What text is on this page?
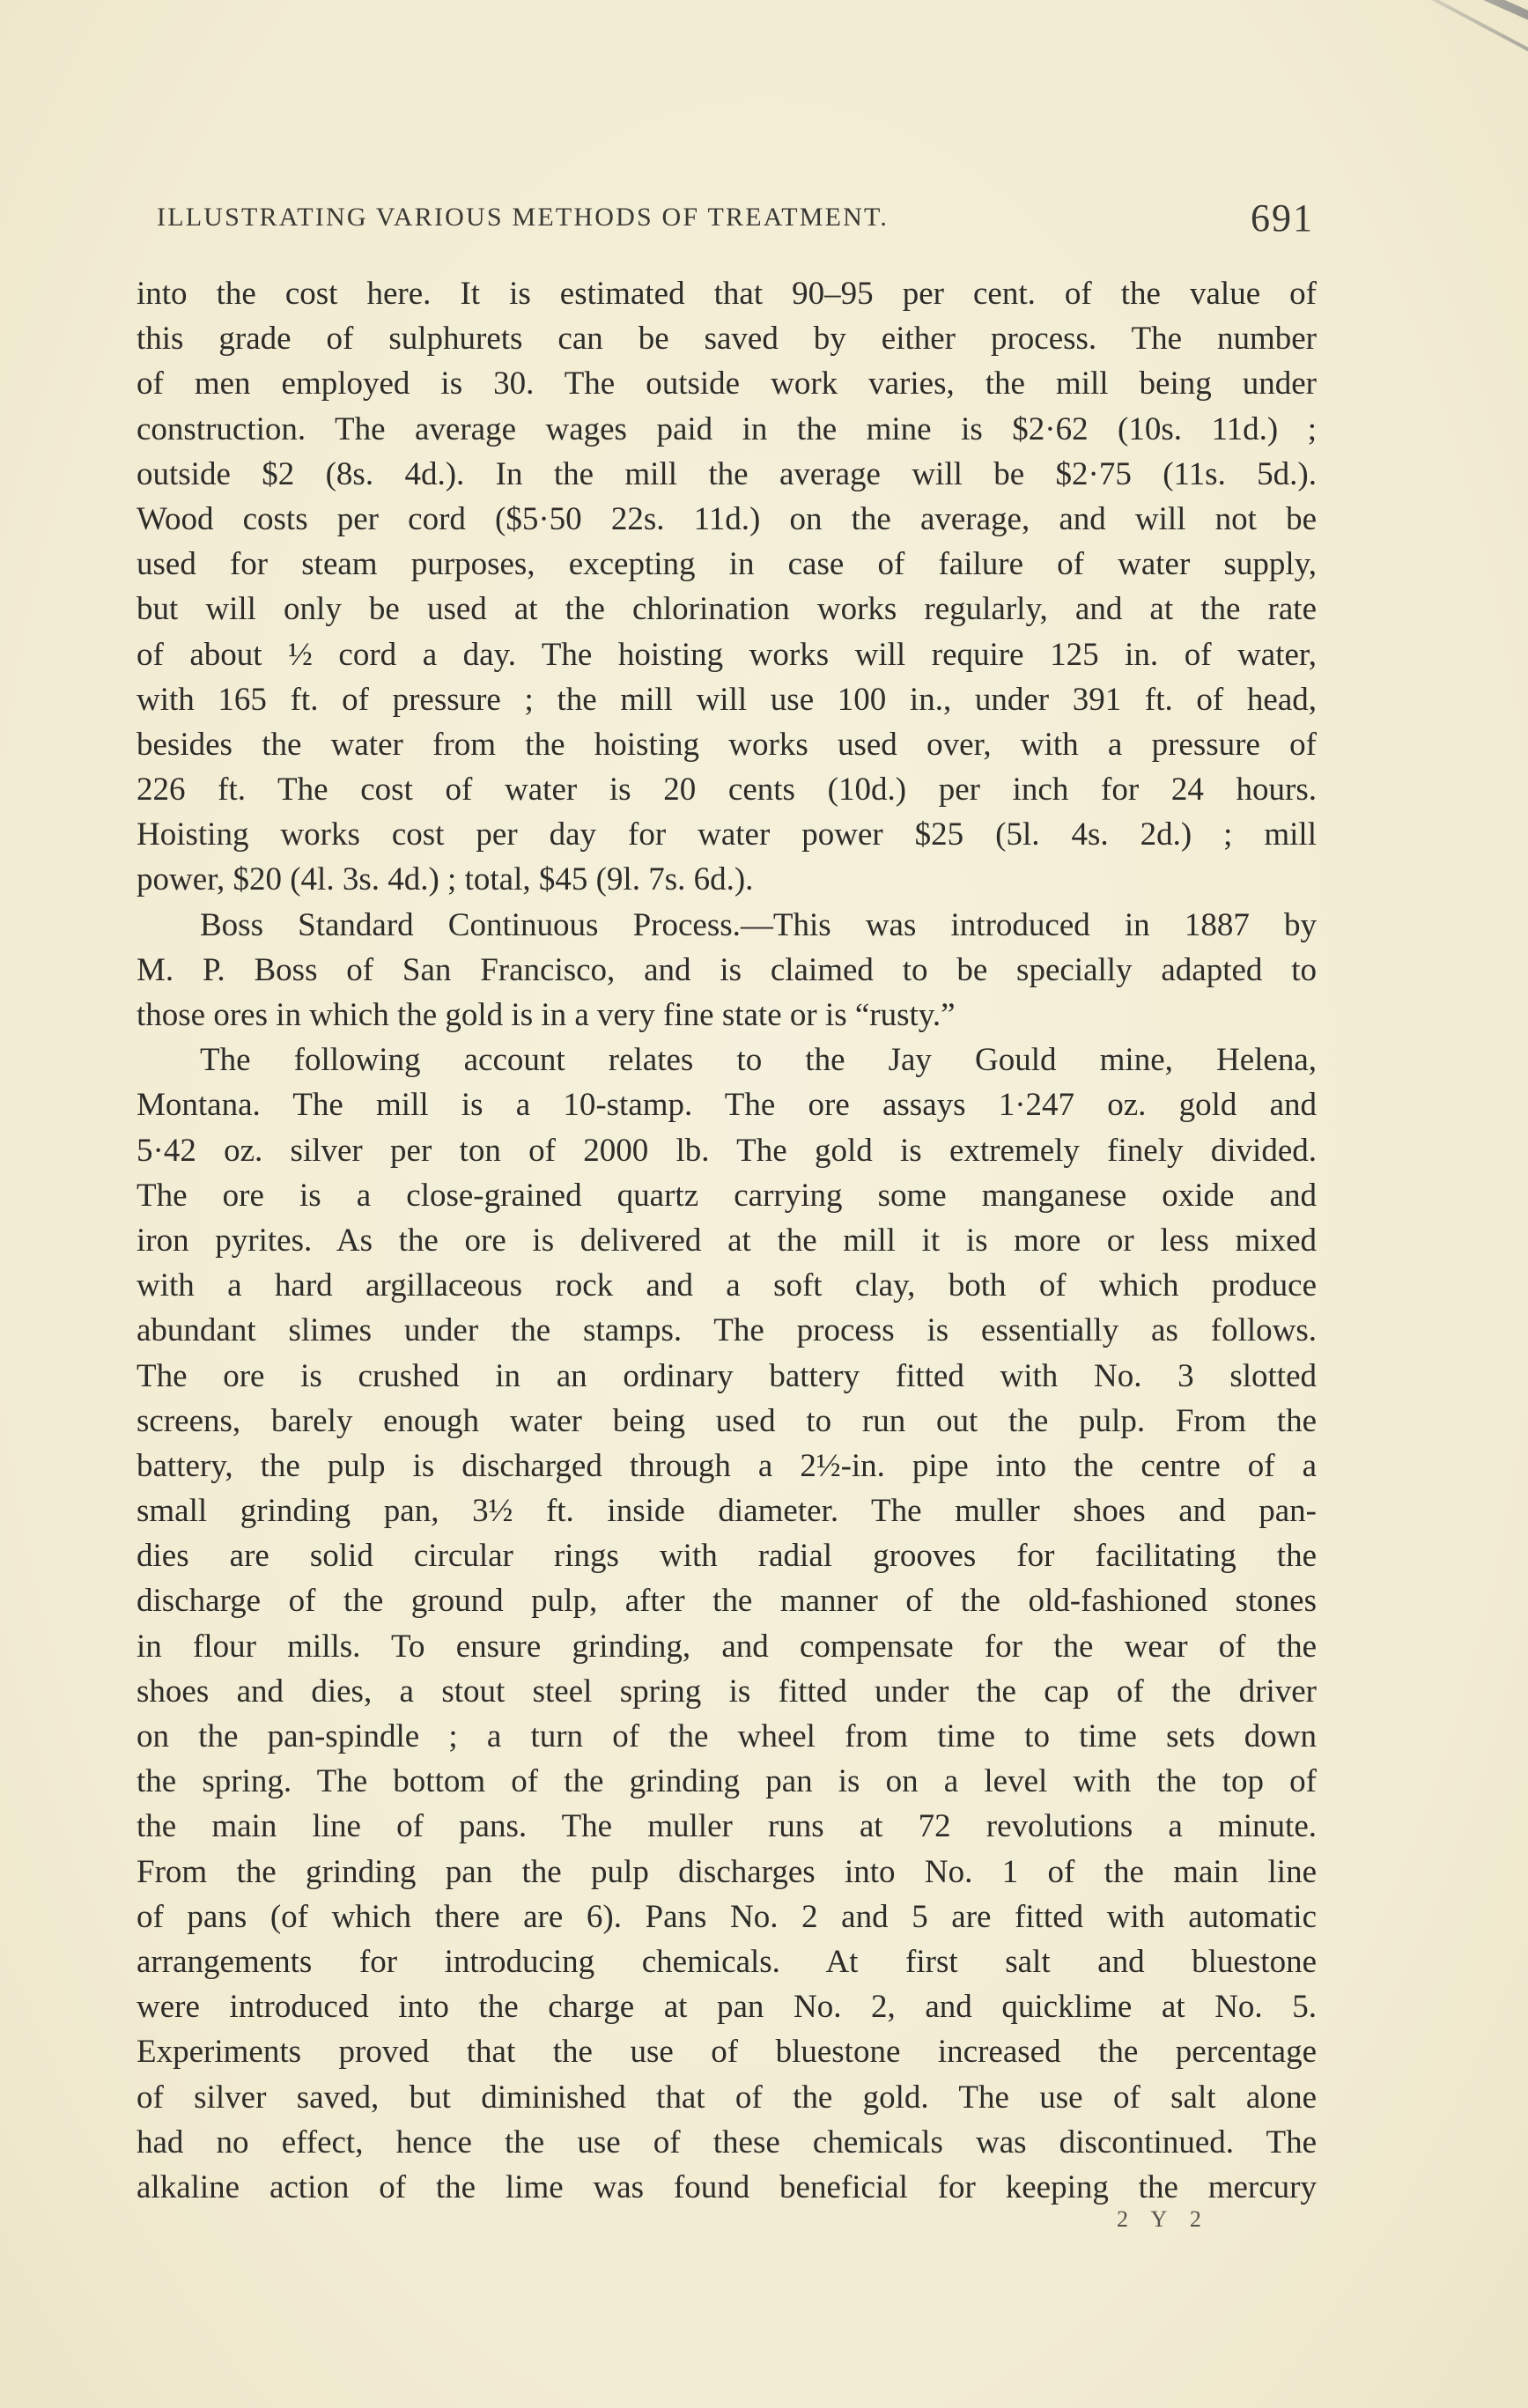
ILLUSTRATING VARIOUS METHODS OF TREATMENT.	691
into the cost here. It is estimated that 90–95 per cent. of the value of
this grade of sulphurets can be saved by either process. The number
of men employed is 30. The outside work varies, the mill being under
construction. The average wages paid in the mine is $2·62 (10s. 11d.) ;
outside $2 (8s. 4d.). In the mill the average will be $2·75 (11s. 5d.).
Wood costs per cord ($5·50 22s. 11d.) on the average, and will not be
used for steam purposes, excepting in case of failure of water supply,
but will only be used at the chlorination works regularly, and at the rate
of about ½ cord a day. The hoisting works will require 125 in. of water,
with 165 ft. of pressure ; the mill will use 100 in., under 391 ft. of head,
besides the water from the hoisting works used over, with a pressure of
226 ft. The cost of water is 20 cents (10d.) per inch for 24 hours.
Hoisting works cost per day for water power $25 (5l. 4s. 2d.) ; mill
power, $20 (4l. 3s. 4d.) ; total, $45 (9l. 7s. 6d.).
Boss Standard Continuous Process.—This was introduced in 1887 by
M. P. Boss of San Francisco, and is claimed to be specially adapted to
those ores in which the gold is in a very fine state or is “rusty.”
The following account relates to the Jay Gould mine, Helena,
Montana. The mill is a 10-stamp. The ore assays 1·247 oz. gold and
5·42 oz. silver per ton of 2000 lb. The gold is extremely finely divided.
The ore is a close-grained quartz carrying some manganese oxide and
iron pyrites. As the ore is delivered at the mill it is more or less mixed
with a hard argillaceous rock and a soft clay, both of which produce
abundant slimes under the stamps. The process is essentially as follows.
The ore is crushed in an ordinary battery fitted with No. 3 slotted
screens, barely enough water being used to run out the pulp. From the
battery, the pulp is discharged through a 2½-in. pipe into the centre of a
small grinding pan, 3½ ft. inside diameter. The muller shoes and pan-
dies are solid circular rings with radial grooves for facilitating the
discharge of the ground pulp, after the manner of the old-fashioned stones
in flour mills. To ensure grinding, and compensate for the wear of the
shoes and dies, a stout steel spring is fitted under the cap of the driver
on the pan-spindle ; a turn of the wheel from time to time sets down
the spring. The bottom of the grinding pan is on a level with the top of
the main line of pans. The muller runs at 72 revolutions a minute.
From the grinding pan the pulp discharges into No. 1 of the main line
of pans (of which there are 6). Pans No. 2 and 5 are fitted with automatic
arrangements for introducing chemicals. At first salt and bluestone
were introduced into the charge at pan No. 2, and quicklime at No. 5.
Experiments proved that the use of bluestone increased the percentage
of silver saved, but diminished that of the gold. The use of salt alone
had no effect, hence the use of these chemicals was discontinued. The
alkaline action of the lime was found beneficial for keeping the mercury
2 Y 2
